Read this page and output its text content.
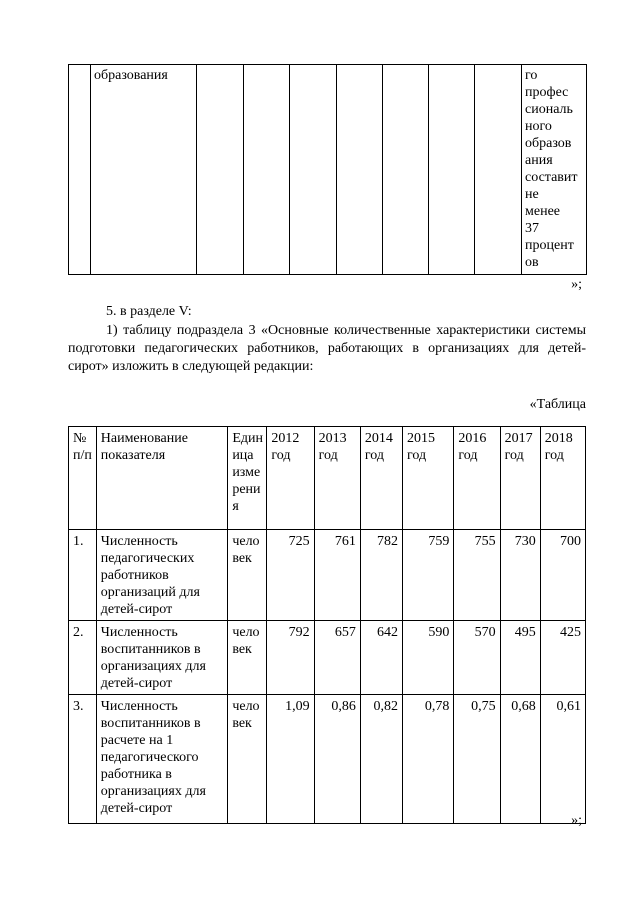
	образования								го
профес
сиональ
ного
образов
ания
составит
не
менее
37
процент
ов
»;
5. в разделе V:
1) таблицу подраздела 3 «Основные количественные характеристики системы подготовки педагогических работников, работающих в организациях для детей-сирот» изложить в следующей редакции:
«Таблица
№ п/п	Наименование показателя	Единица измерения	2012 год	2013 год	2014 год	2015 год	2016 год	2017 год	2018 год
1.	Численность педагогических работников организаций для детей-сирот	человек	725	761	782	759	755	730	700
2.	Численность воспитанников в организациях для детей-сирот	человек	792	657	642	590	570	495	425
3.	Численность воспитанников в расчете на 1 педагогического работника в организациях для детей-сирот	человек	1,09	0,86	0,82	0,78	0,75	0,68	0,61
»;
